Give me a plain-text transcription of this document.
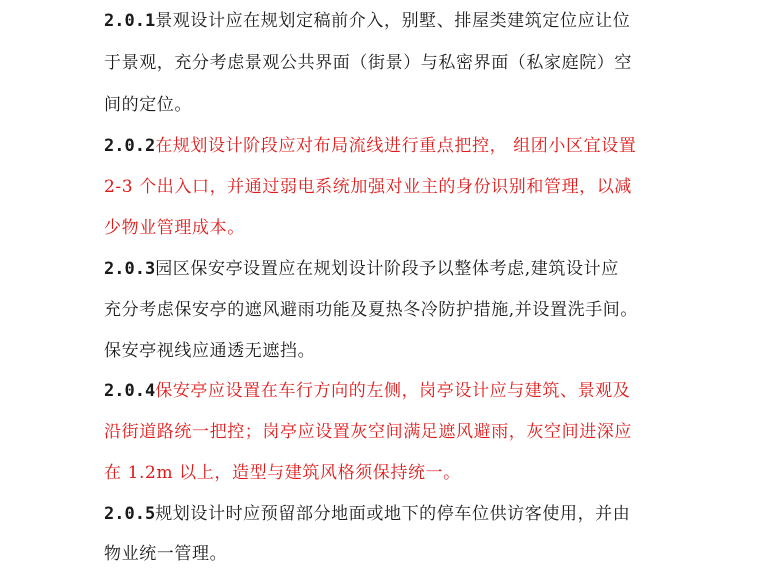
2.0.1景观设计应在规划定稿前介入，别墅、排屋类建筑定位应让位
于景观，充分考虑景观公共界面（街景）与私密界面（私家庭院）空
间的定位。
2.0.2在规划设计阶段应对布局流线进行重点把控， 组团小区宜设置
2-3 个出入口，并通过弱电系统加强对业主的身份识别和管理，以减
少物业管理成本。
2.0.3园区保安亭设置应在规划设计阶段予以整体考虑,建筑设计应
充分考虑保安亭的遮风避雨功能及夏热冬冷防护措施,并设置洗手间。
保安亭视线应通透无遮挡。
2.0.4保安亭应设置在车行方向的左侧，岗亭设计应与建筑、景观及
沿街道路统一把控；岗亭应设置灰空间满足遮风避雨，灰空间进深应
在 1.2m 以上，造型与建筑风格须保持统一。
2.0.5规划设计时应预留部分地面或地下的停车位供访客使用，并由
物业统一管理。
